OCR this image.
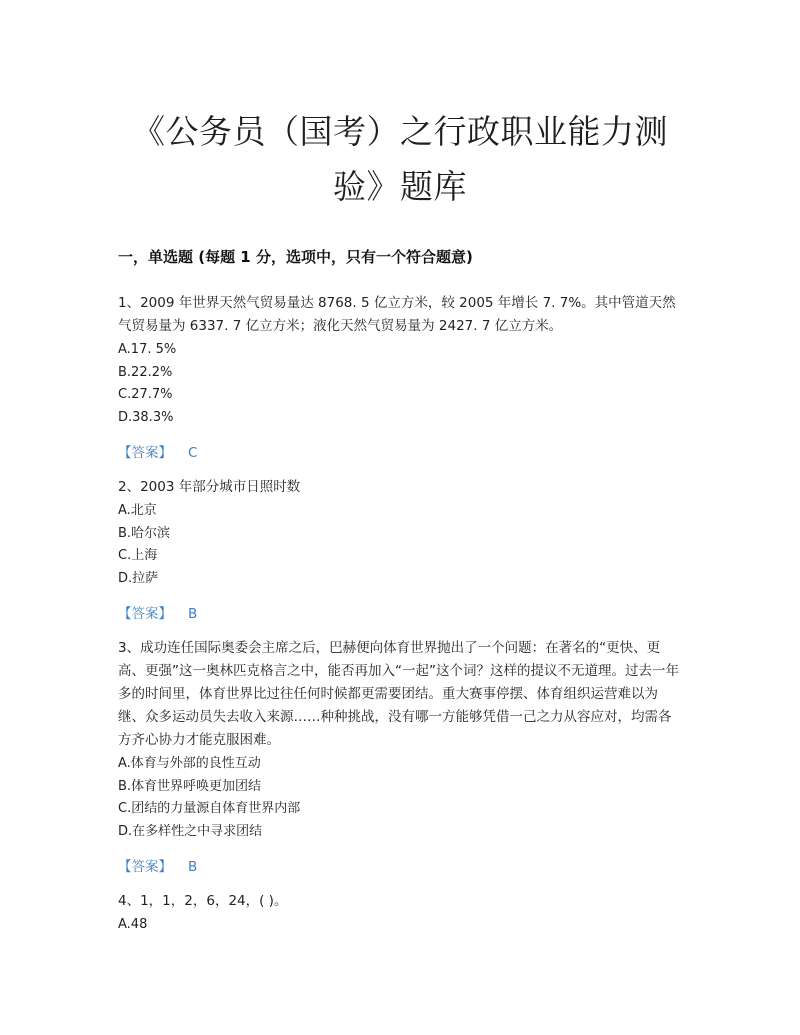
《公务员（国考）之行政职业能力测
验》题库
一，单选题 (每题 1 分，选项中，只有一个符合题意)
1、2009 年世界天然气贸易量达 8768. 5 亿立方米，较 2005 年增长 7. 7%。其中管道天然气贸易量为 6337. 7 亿立方米；液化天然气贸易量为 2427. 7 亿立方米。
A.17. 5%
B.22.2%
C.27.7%
D.38.3%
【答案】 C
2、2003 年部分城市日照时数
A.北京
B.哈尔滨
C.上海
D.拉萨
【答案】 B
3、成功连任国际奥委会主席之后，巴赫便向体育世界抛出了一个问题：在著名的“更快、更高、更强”这一奥林匹克格言之中，能否再加入“一起”这个词？这样的提议不无道理。过去一年多的时间里，体育世界比过往任何时候都更需要团结。重大赛事停摆、体育组织运营难以为继、众多运动员失去收入来源……种种挑战，没有哪一方能够凭借一己之力从容应对，均需各方齐心协力才能克服困难。
A.体育与外部的良性互动
B.体育世界呼唤更加团结
C.团结的力量源自体育世界内部
D.在多样性之中寻求团结
【答案】 B
4、1，1，2，6，24，( )。
A.48
